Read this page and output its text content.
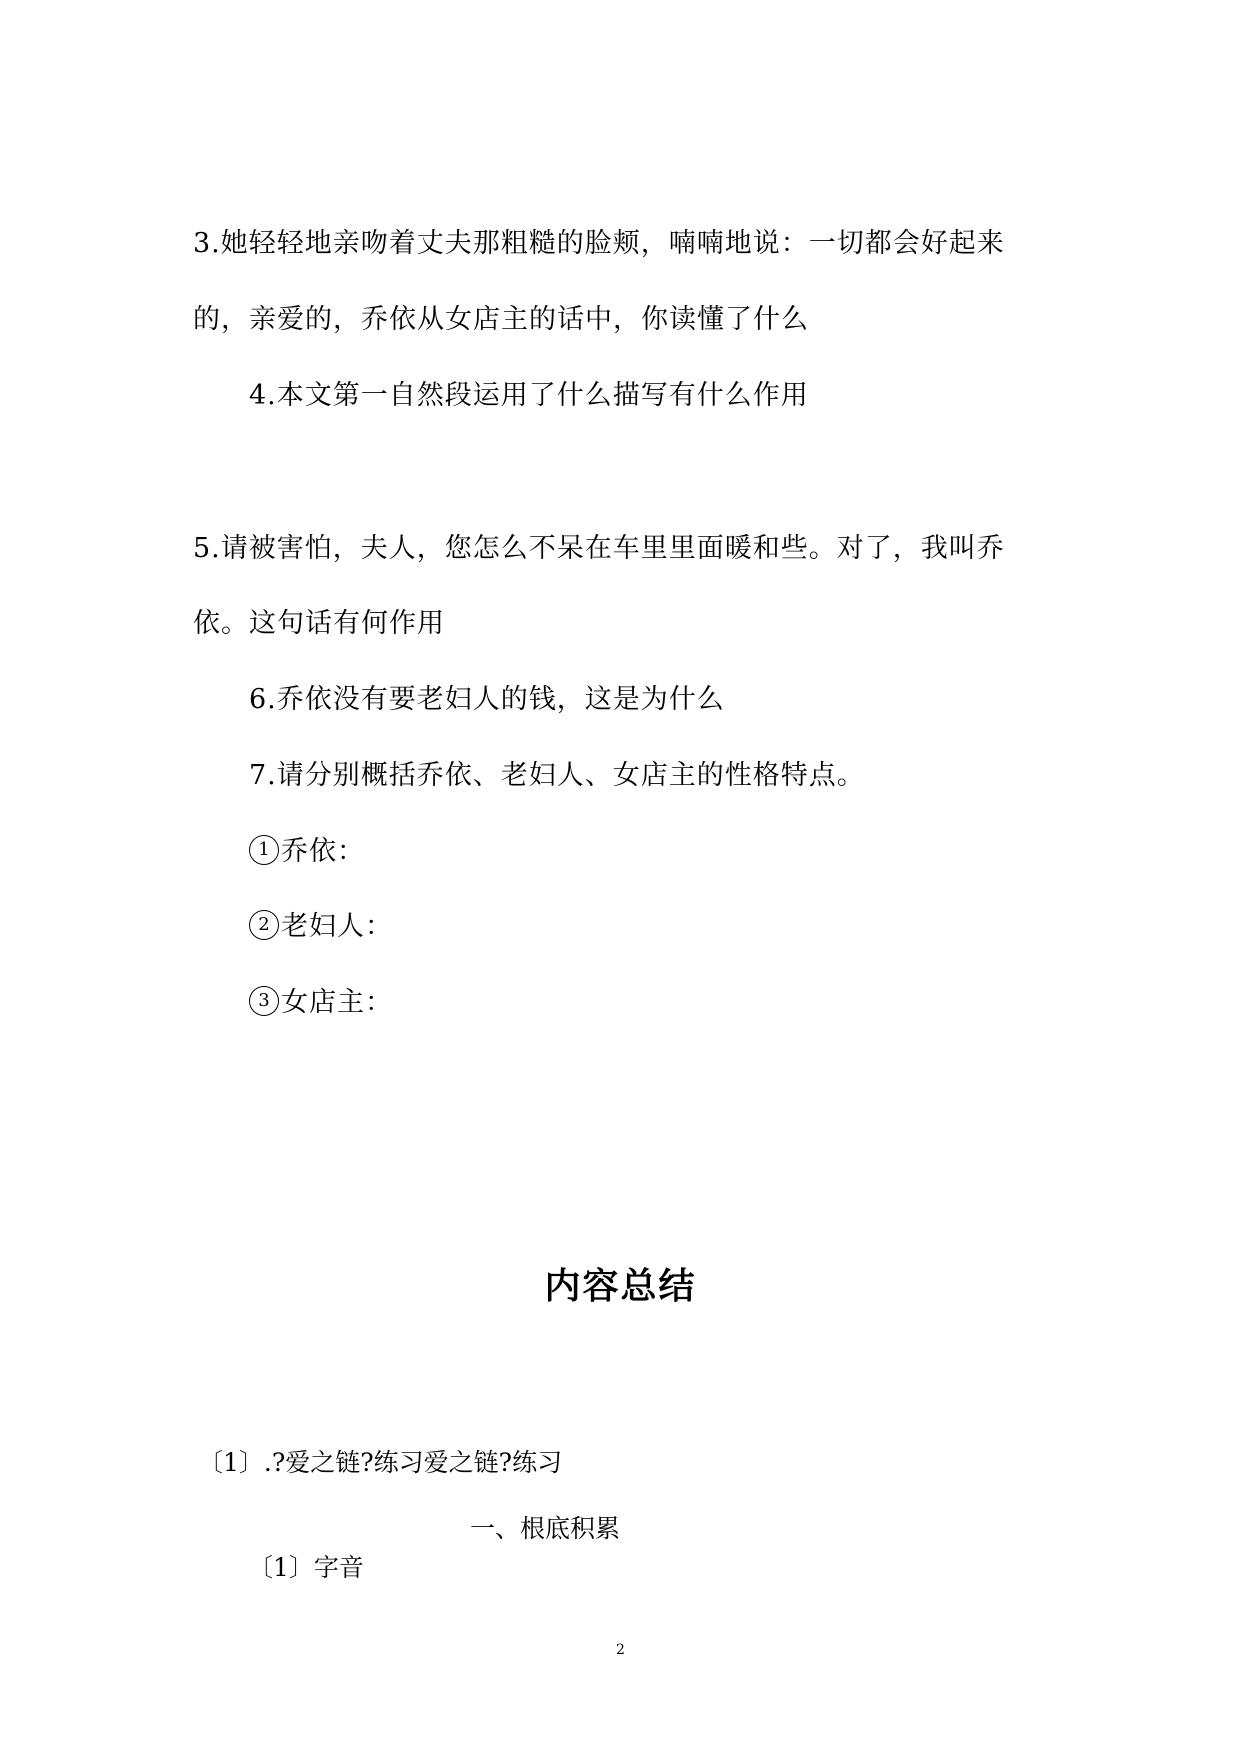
3.她轻轻地亲吻着丈夫那粗糙的脸颊，喃喃地说：一切都会好起来
的，亲爱的，乔依从女店主的话中，你读懂了什么
4.本文第一自然段运用了什么描写有什么作用
5.请被害怕，夫人，您怎么不呆在车里里面暖和些。对了，我叫乔
依。这句话有何作用
6.乔依没有要老妇人的钱，这是为什么
7.请分别概括乔依、老妇人、女店主的性格特点。
1 乔依：
2 老妇人：
3 女店主：
内容总结
〔1〕.?爱之链?练习爱之链?练习
一、根底积累
〔1〕字音
2
